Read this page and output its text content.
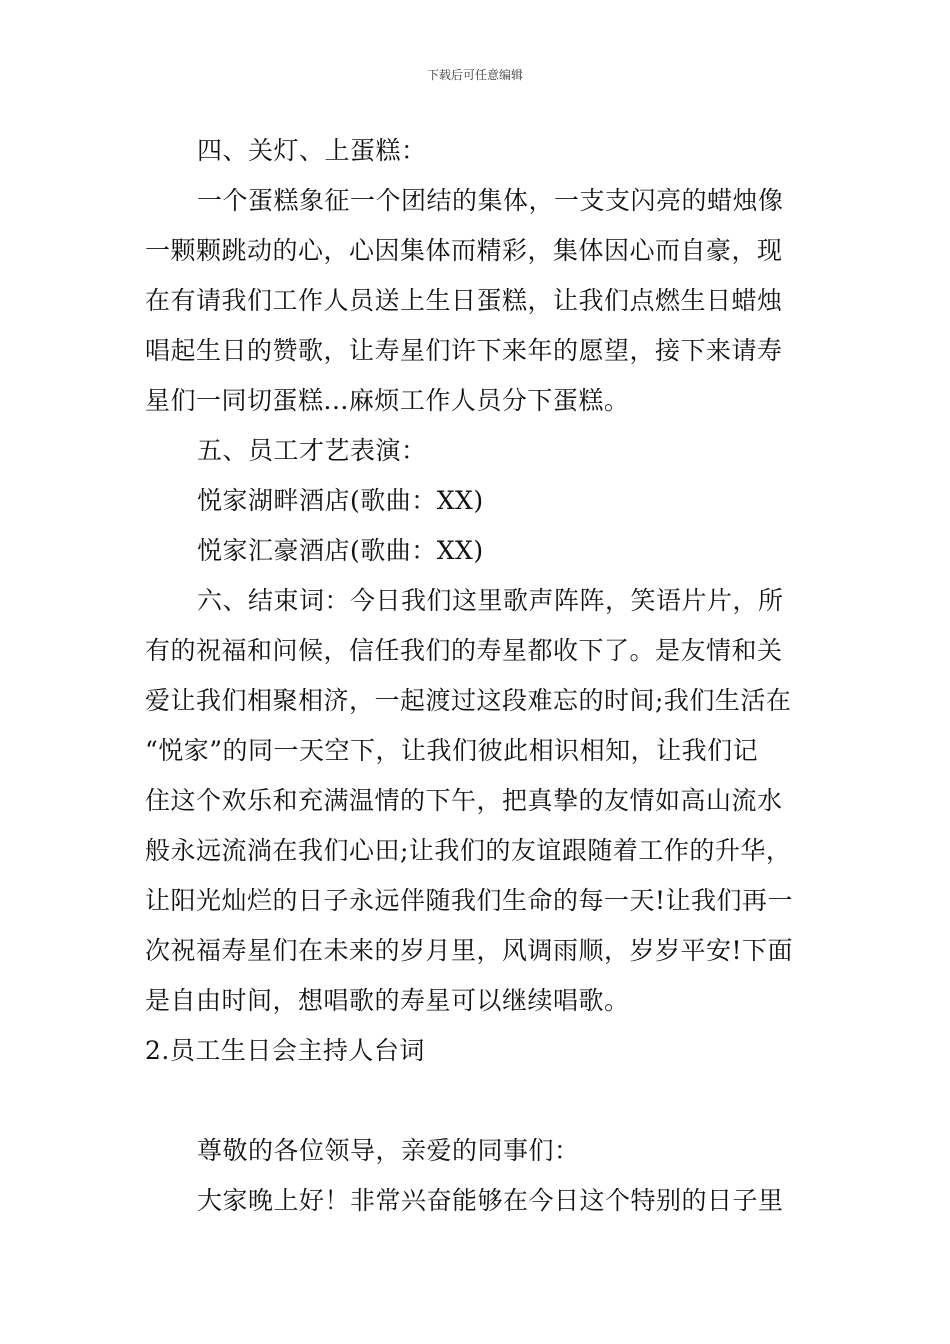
下载后可任意编辑
四、关灯、上蛋糕：
一个蛋糕象征一个团结的集体，一支支闪亮的蜡烛像
一颗颗跳动的心，心因集体而精彩，集体因心而自豪，现
在有请我们工作人员送上生日蛋糕，让我们点燃生日蜡烛
唱起生日的赞歌，让寿星们许下来年的愿望，接下来请寿
星们一同切蛋糕...麻烦工作人员分下蛋糕。
五、员工才艺表演：
悦家湖畔酒店(歌曲：XX)
悦家汇豪酒店(歌曲：XX)
六、结束词：今日我们这里歌声阵阵，笑语片片，所
有的祝福和问候，信任我们的寿星都收下了。是友情和关
爱让我们相聚相济，一起渡过这段难忘的时间;我们生活在
“悦家”的同一天空下，让我们彼此相识相知，让我们记
住这个欢乐和充满温情的下午，把真挚的友情如高山流水
般永远流淌在我们心田;让我们的友谊跟随着工作的升华，
让阳光灿烂的日子永远伴随我们生命的每一天!让我们再一
次祝福寿星们在未来的岁月里，风调雨顺，岁岁平安!下面
是自由时间，想唱歌的寿星可以继续唱歌。
2.员工生日会主持人台词
尊敬的各位领导，亲爱的同事们：
大家晚上好！非常兴奋能够在今日这个特别的日子里
